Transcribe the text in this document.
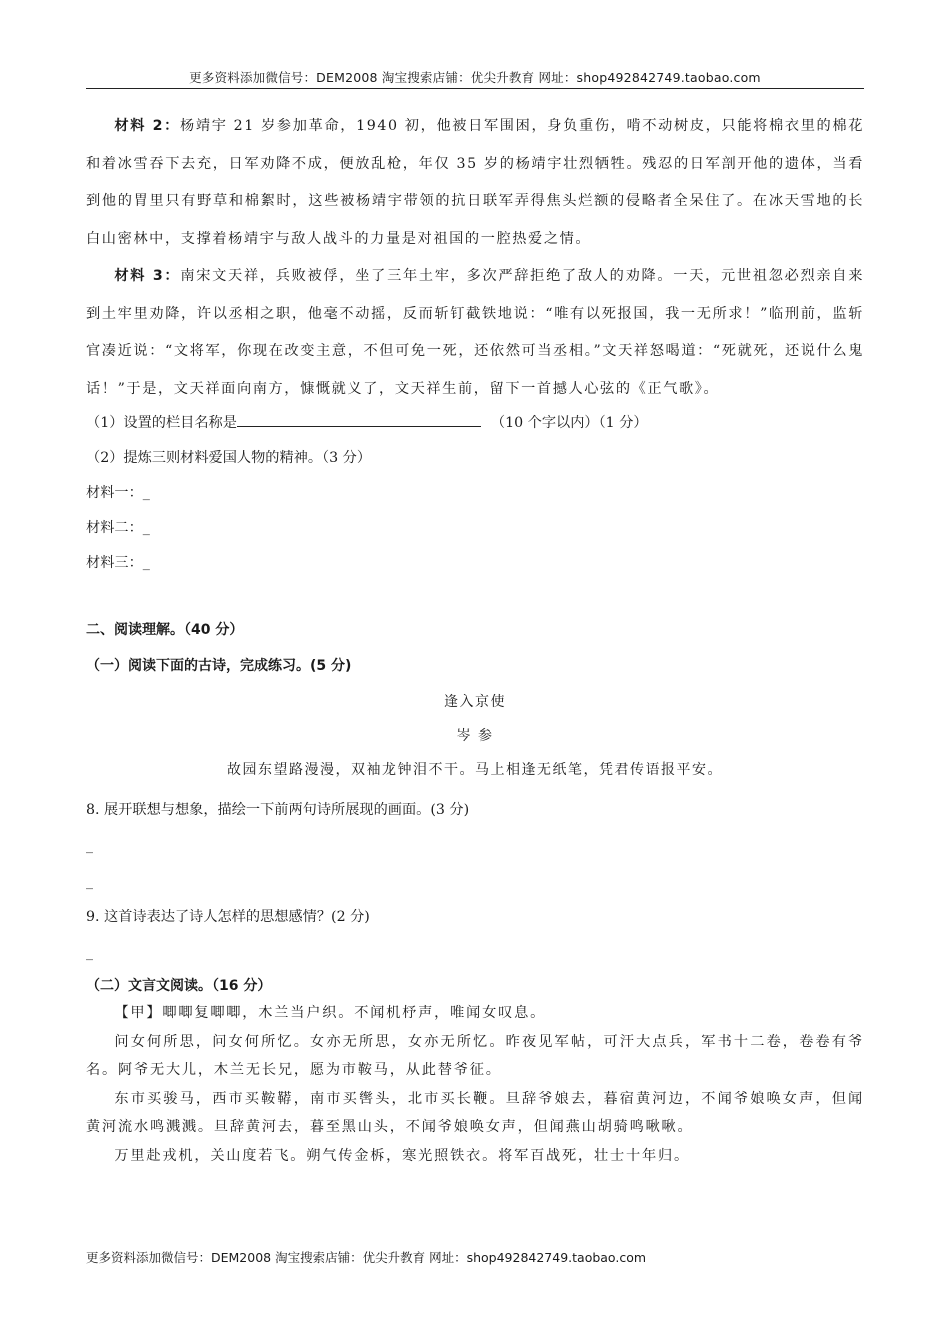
更多资料添加微信号：DEM2008 淘宝搜索店铺：优尖升教育 网址：shop492842749.taobao.com

材料 2：杨靖宇 21 岁参加革命，1940 初，他被日军围困，身负重伤，啃不动树皮，只能将棉衣里的棉花和着冰雪吞下去充，日军劝降不成，便放乱枪，年仅 35 岁的杨靖宇壮烈牺牲。残忍的日军剖开他的遗体，当看到他的胃里只有野草和棉絮时，这些被杨靖宇带领的抗日联军弄得焦头烂额的侵略者全呆住了。在冰天雪地的长白山密林中，支撑着杨靖宇与敌人战斗的力量是对祖国的一腔热爱之情。

材料 3：南宋文天祥，兵败被俘，坐了三年土牢，多次严辞拒绝了敌人的劝降。一天，元世祖忽必烈亲自来到土牢里劝降，许以丞相之职，他毫不动摇，反而斩钉截铁地说：“唯有以死报国，我一无所求！”临刑前，监斩官凑近说：“文将军，你现在改变主意，不但可免一死，还依然可当丞相。”文天祥怒喝道：“死就死，还说什么鬼话！”于是，文天祥面向南方，慷慨就义了，文天祥生前，留下一首撼人心弦的《正气歌》。

（1）设置的栏目名称是	（10 个字以内）（1 分）

（2）提炼三则材料爱国人物的精神。（3 分）

材料一：_

材料二：_

材料三：_

二、阅读理解。（40 分）

（一）阅读下面的古诗，完成练习。(5 分)

逢入京使

岑 参

故园东望路漫漫，双袖龙钟泪不干。马上相逢无纸笔，凭君传语报平安。

8. 展开联想与想象，描绘一下前两句诗所展现的画面。(3 分)

_

_

9. 这首诗表达了诗人怎样的思想感情？(2 分)

_

（二）文言文阅读。（16 分）

【甲】唧唧复唧唧，木兰当户织。不闻机杼声，唯闻女叹息。

问女何所思，问女何所忆。女亦无所思，女亦无所忆。昨夜见军帖，可汗大点兵，军书十二卷，卷卷有爷名。阿爷无大儿，木兰无长兄，愿为市鞍马，从此替爷征。

东市买骏马，西市买鞍鞯，南市买辔头，北市买长鞭。旦辞爷娘去，暮宿黄河边，不闻爷娘唤女声，但闻黄河流水鸣溅溅。旦辞黄河去，暮至黑山头，不闻爷娘唤女声，但闻燕山胡骑鸣啾啾。

万里赴戎机，关山度若飞。朔气传金柝，寒光照铁衣。将军百战死，壮士十年归。

更多资料添加微信号：DEM2008 淘宝搜索店铺：优尖升教育 网址：shop492842749.taobao.com
